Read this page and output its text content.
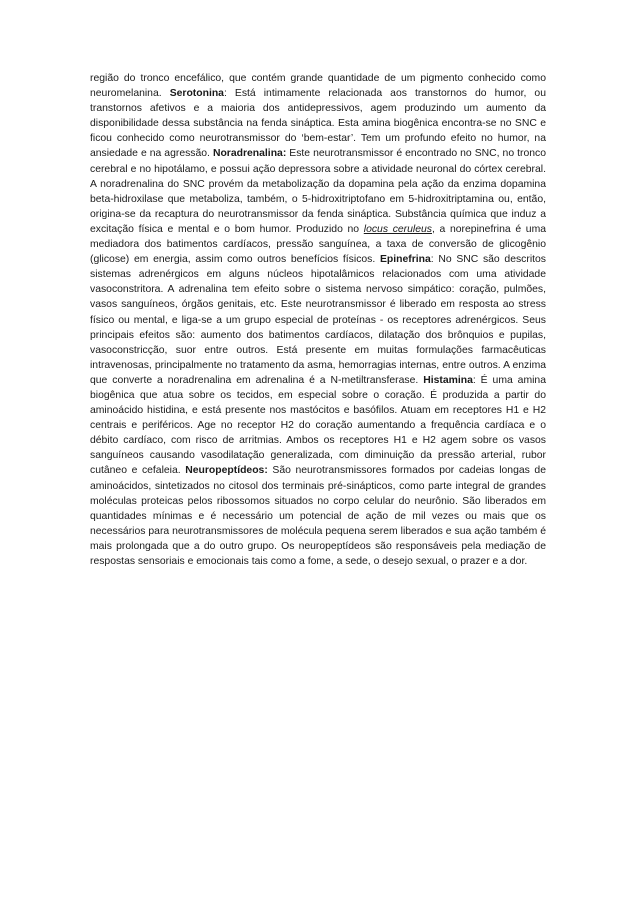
região do tronco encefálico, que contém grande quantidade de um pigmento conhecido como neuromelanina. Serotonina: Está intimamente relacionada aos transtornos do humor, ou transtornos afetivos e a maioria dos antidepressivos, agem produzindo um aumento da disponibilidade dessa substância na fenda sináptica. Esta amina biogênica encontra-se no SNC e ficou conhecido como neurotransmissor do ‘bem-estar’. Tem um profundo efeito no humor, na ansiedade e na agressão. Noradrenalina: Este neurotransmissor é encontrado no SNC, no tronco cerebral e no hipotálamo, e possui ação depressora sobre a atividade neuronal do córtex cerebral. A noradrenalina do SNC provém da metabolização da dopamina pela ação da enzima dopamina beta-hidroxilase que metaboliza, também, o 5-hidroxitriptofano em 5-hidroxitriptamina ou, então, origina-se da recaptura do neurotransmissor da fenda sináptica. Substância química que induz a excitação física e mental e o bom humor. Produzido no locus ceruleus, a norepinefrina é uma mediadora dos batimentos cardíacos, pressão sanguínea, a taxa de conversão de glicogênio (glicose) em energia, assim como outros benefícios físicos. Epinefrina: No SNC são descritos sistemas adrenérgicos em alguns núcleos hipotalâmicos relacionados com uma atividade vasoconstritora. A adrenalina tem efeito sobre o sistema nervoso simpático: coração, pulmões, vasos sanguíneos, órgãos genitais, etc. Este neurotransmissor é liberado em resposta ao stress físico ou mental, e liga-se a um grupo especial de proteínas - os receptores adrenérgicos. Seus principais efeitos são: aumento dos batimentos cardíacos, dilatação dos brônquios e pupilas, vasoconstricção, suor entre outros. Está presente em muitas formulações farmacêuticas intravenosas, principalmente no tratamento da asma, hemorragias internas, entre outros. A enzima que converte a noradrenalina em adrenalina é a N-metiltransferase. Histamina: É uma amina biogênica que atua sobre os tecidos, em especial sobre o coração. É produzida a partir do aminoácido histidina, e está presente nos mastócitos e basófilos. Atuam em receptores H1 e H2 centrais e periféricos. Age no receptor H2 do coração aumentando a frequência cardíaca e o débito cardíaco, com risco de arritmias. Ambos os receptores H1 e H2 agem sobre os vasos sanguíneos causando vasodilatação generalizada, com diminuição da pressão arterial, rubor cutâneo e cefaleia. Neuropeptídeos: São neurotransmissores formados por cadeias longas de aminoácidos, sintetizados no citosol dos terminais pré-sinápticos, como parte integral de grandes moléculas proteicas pelos ribossomos situados no corpo celular do neurônio. São liberados em quantidades mínimas e é necessário um potencial de ação de mil vezes ou mais que os necessários para neurotransmissores de molécula pequena serem liberados e sua ação também é mais prolongada que a do outro grupo. Os neuropeptídeos são responsáveis pela mediação de respostas sensoriais e emocionais tais como a fome, a sede, o desejo sexual, o prazer e a dor.
